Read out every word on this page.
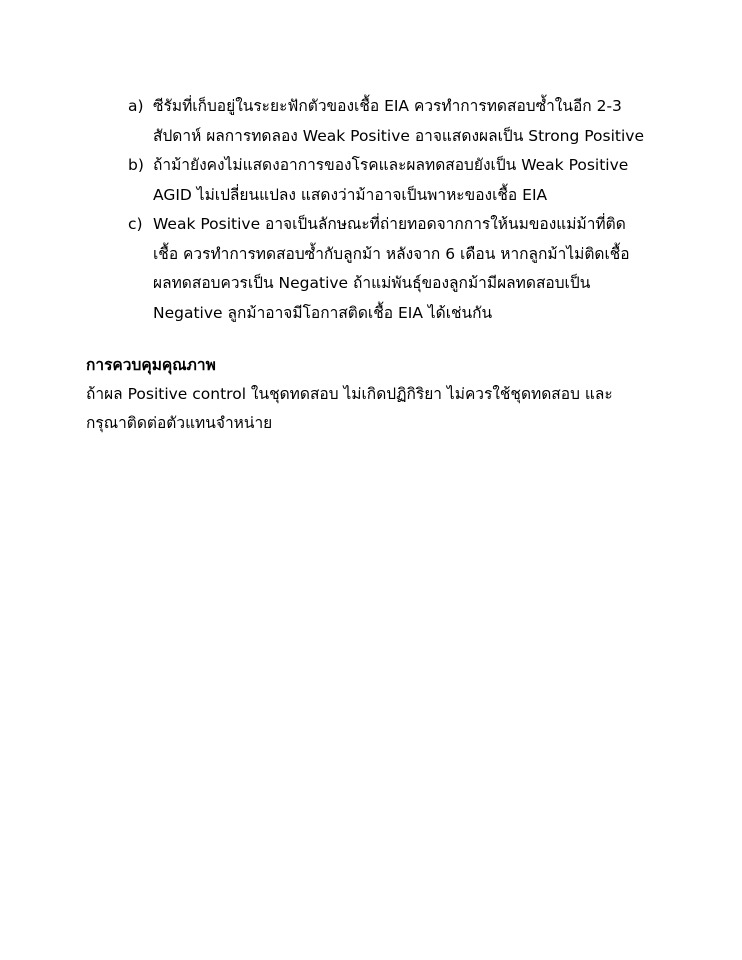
a) ซีรัมที่เก็บอยู่ในระยะฟักตัวของเชื้อ EIA ควรทำการทดสอบซ้ำในอีก 2-3
สัปดาห์ ผลการทดลอง Weak Positive อาจแสดงผลเป็น Strong Positive
b) ถ้าม้ายังคงไม่แสดงอาการของโรคและผลทดสอบยังเป็น Weak Positive
AGID ไม่เปลี่ยนแปลง แสดงว่าม้าอาจเป็นพาหะของเชื้อ EIA
c) Weak Positive อาจเป็นลักษณะที่ถ่ายทอดจากการให้นมของแม่ม้าที่ติด
เชื้อ ควรทำการทดสอบซ้ำกับลูกม้า หลังจาก 6 เดือน หากลูกม้าไม่ติดเชื้อ
ผลทดสอบควรเป็น Negative ถ้าแม่พันธุ์ของลูกม้ามีผลทดสอบเป็น
Negative ลูกม้าอาจมีโอกาสติดเชื้อ EIA ได้เช่นกัน
การควบคุมคุณภาพ
ถ้าผล Positive control ในชุดทดสอบ ไม่เกิดปฏิกิริยา ไม่ควรใช้ชุดทดสอบ และ
กรุณาติดต่อตัวแทนจำหน่าย
